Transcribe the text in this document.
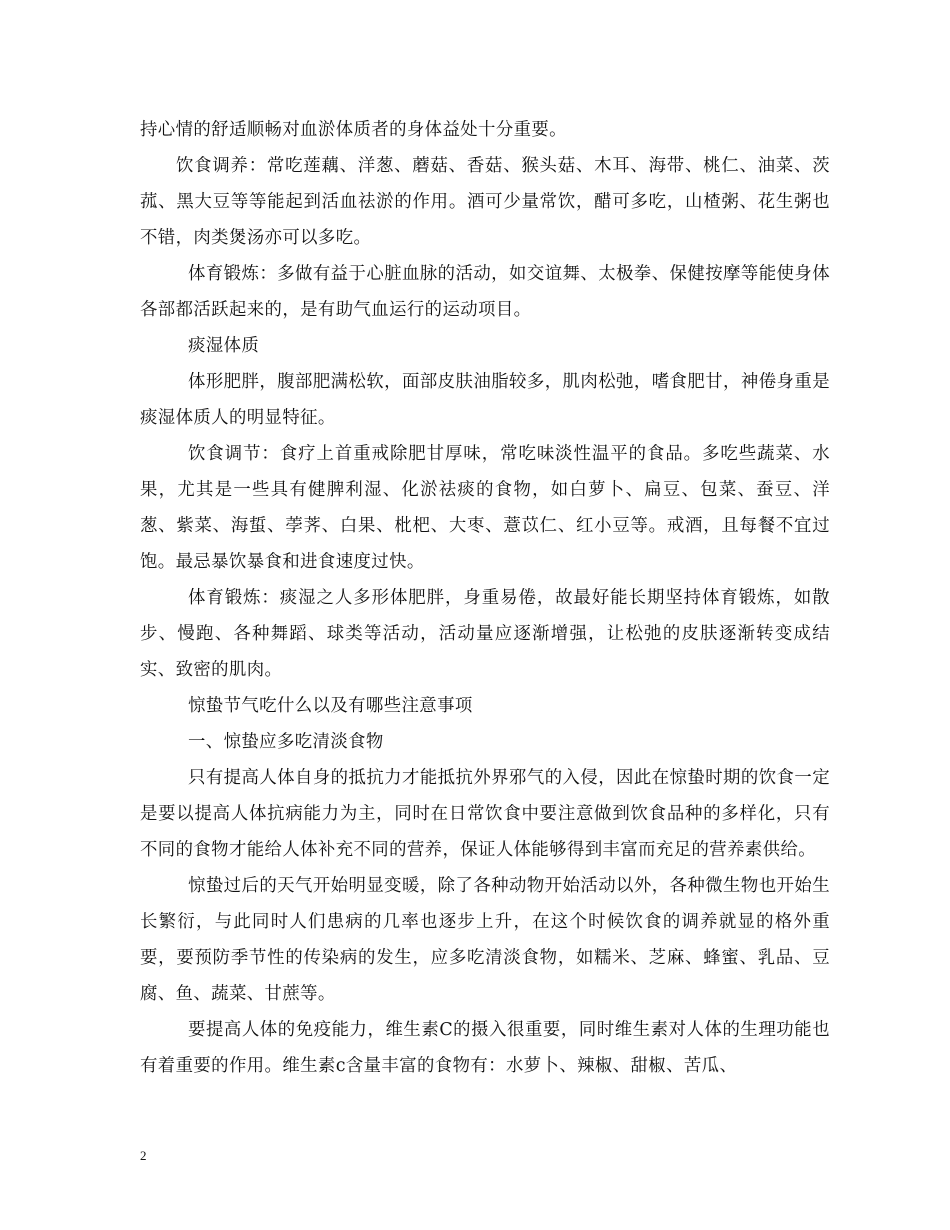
持心情的舒适顺畅对血淤体质者的身体益处十分重要。

饮食调养：常吃莲藕、洋葱、蘑菇、香菇、猴头菇、木耳、海带、桃仁、油菜、茨菰、黑大豆等等能起到活血祛淤的作用。酒可少量常饮，醋可多吃，山楂粥、花生粥也不错，肉类煲汤亦可以多吃。

体育锻炼：多做有益于心脏血脉的活动，如交谊舞、太极拳、保健按摩等能使身体各部都活跃起来的，是有助气血运行的运动项目。

痰湿体质

体形肥胖，腹部肥满松软，面部皮肤油脂较多，肌肉松弛，嗜食肥甘，神倦身重是痰湿体质人的明显特征。

饮食调节：食疗上首重戒除肥甘厚味，常吃味淡性温平的食品。多吃些蔬菜、水果，尤其是一些具有健脾利湿、化淤祛痰的食物，如白萝卜、扁豆、包菜、蚕豆、洋葱、紫菜、海蜇、荸荠、白果、枇杷、大枣、薏苡仁、红小豆等。戒酒，且每餐不宜过饱。最忌暴饮暴食和进食速度过快。

体育锻炼：痰湿之人多形体肥胖，身重易倦，故最好能长期坚持体育锻炼，如散步、慢跑、各种舞蹈、球类等活动，活动量应逐渐增强，让松弛的皮肤逐渐转变成结实、致密的肌肉。

惊蛰节气吃什么以及有哪些注意事项

一、惊蛰应多吃清淡食物

只有提高人体自身的抵抗力才能抵抗外界邪气的入侵，因此在惊蛰时期的饮食一定是要以提高人体抗病能力为主，同时在日常饮食中要注意做到饮食品种的多样化，只有不同的食物才能给人体补充不同的营养，保证人体能够得到丰富而充足的营养素供给。

惊蛰过后的天气开始明显变暖，除了各种动物开始活动以外，各种微生物也开始生长繁衍，与此同时人们患病的几率也逐步上升，在这个时候饮食的调养就显的格外重要，要预防季节性的传染病的发生，应多吃清淡食物，如糯米、芝麻、蜂蜜、乳品、豆腐、鱼、蔬菜、甘蔗等。

要提高人体的免疫能力，维生素C的摄入很重要，同时维生素对人体的生理功能也有着重要的作用。维生素c含量丰富的食物有：水萝卜、辣椒、甜椒、苦瓜、

2
